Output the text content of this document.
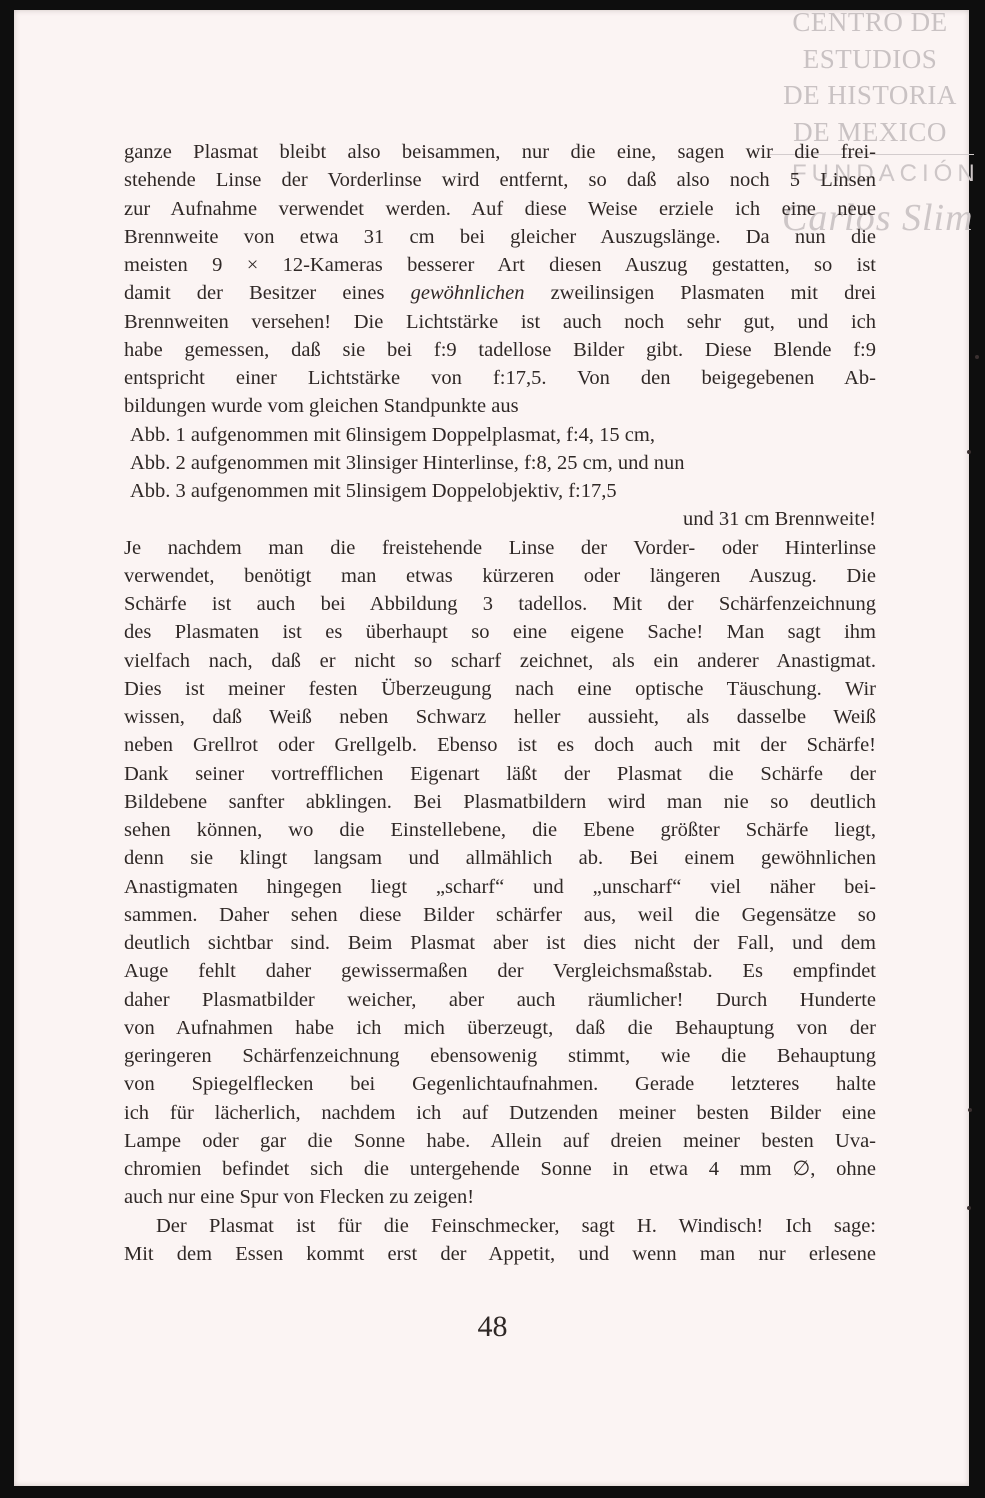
CENTRO DE
ESTUDIOS
DE HISTORIA
DE MEXICO
FUNDACIÓN
Carlos Slim
ganze Plasmat bleibt also beisammen, nur die eine, sagen wir die frei-
stehende Linse der Vorderlinse wird entfernt, so daß also noch 5 Linsen
zur Aufnahme verwendet werden. Auf diese Weise erziele ich eine neue
Brennweite von etwa 31 cm bei gleicher Auszugslänge. Da nun die
meisten 9 × 12-Kameras besserer Art diesen Auszug gestatten, so ist
damit der Besitzer eines gewöhnlichen zweilinsigen Plasmaten mit drei
Brennweiten versehen! Die Lichtstärke ist auch noch sehr gut, und ich
habe gemessen, daß sie bei f:9 tadellose Bilder gibt. Diese Blende f:9
entspricht einer Lichtstärke von f:17,5. Von den beigegebenen Ab-
bildungen wurde vom gleichen Standpunkte aus
Abb. 1 aufgenommen mit 6linsigem Doppelplasmat, f:4, 15 cm,
Abb. 2 aufgenommen mit 3linsiger Hinterlinse, f:8, 25 cm, und nun
Abb. 3 aufgenommen mit 5linsigem Doppelobjektiv, f:17,5
und 31 cm Brennweite!
Je nachdem man die freistehende Linse der Vorder- oder Hinterlinse
verwendet, benötigt man etwas kürzeren oder längeren Auszug. Die
Schärfe ist auch bei Abbildung 3 tadellos. Mit der Schärfenzeichnung
des Plasmaten ist es überhaupt so eine eigene Sache! Man sagt ihm
vielfach nach, daß er nicht so scharf zeichnet, als ein anderer Anastigmat.
Dies ist meiner festen Überzeugung nach eine optische Täuschung. Wir
wissen, daß Weiß neben Schwarz heller aussieht, als dasselbe Weiß
neben Grellrot oder Grellgelb. Ebenso ist es doch auch mit der Schärfe!
Dank seiner vortrefflichen Eigenart läßt der Plasmat die Schärfe der
Bildebene sanfter abklingen. Bei Plasmatbildern wird man nie so deutlich
sehen können, wo die Einstellebene, die Ebene größter Schärfe liegt,
denn sie klingt langsam und allmählich ab. Bei einem gewöhnlichen
Anastigmaten hingegen liegt „scharf“ und „unscharf“ viel näher bei-
sammen. Daher sehen diese Bilder schärfer aus, weil die Gegensätze so
deutlich sichtbar sind. Beim Plasmat aber ist dies nicht der Fall, und dem
Auge fehlt daher gewissermaßen der Vergleichsmaßstab. Es empfindet
daher Plasmatbilder weicher, aber auch räumlicher! Durch Hunderte
von Aufnahmen habe ich mich überzeugt, daß die Behauptung von der
geringeren Schärfenzeichnung ebensowenig stimmt, wie die Behauptung
von Spiegelflecken bei Gegenlichtaufnahmen. Gerade letzteres halte
ich für lächerlich, nachdem ich auf Dutzenden meiner besten Bilder eine
Lampe oder gar die Sonne habe. Allein auf dreien meiner besten Uva-
chromien befindet sich die untergehende Sonne in etwa 4 mm ∅, ohne
auch nur eine Spur von Flecken zu zeigen!
Der Plasmat ist für die Feinschmecker, sagt H. Windisch! Ich sage:
Mit dem Essen kommt erst der Appetit, und wenn man nur erlesene
48
